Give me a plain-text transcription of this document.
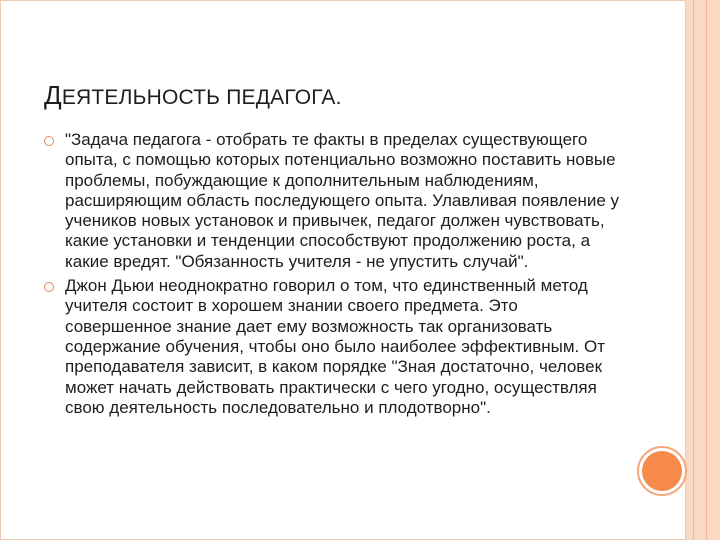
ДЕЯТЕЛЬНОСТЬ ПЕДАГОГА.
"Задача педагога - отобрать те факты в пределах существующего опыта, с помощью которых потенциально возможно поставить новые проблемы, побуждающие к дополнительным наблюдениям, расширяющим область последующего опыта. Улавливая появление у учеников новых установок и привычек, педагог должен чувствовать, какие установки и тенденции способствуют продолжению роста, а какие вредят. "Обязанность учителя - не упустить случай".
Джон Дьюи неоднократно говорил о том, что единственный метод учителя состоит в хорошем знании своего предмета. Это совершенное знание дает ему возможность так организовать содержание обучения, чтобы оно было наиболее эффективным. От преподавателя зависит, в каком порядке "Зная достаточно, человек может начать действовать практически с чего угодно, осуществляя свою деятельность последовательно и плодотворно".
